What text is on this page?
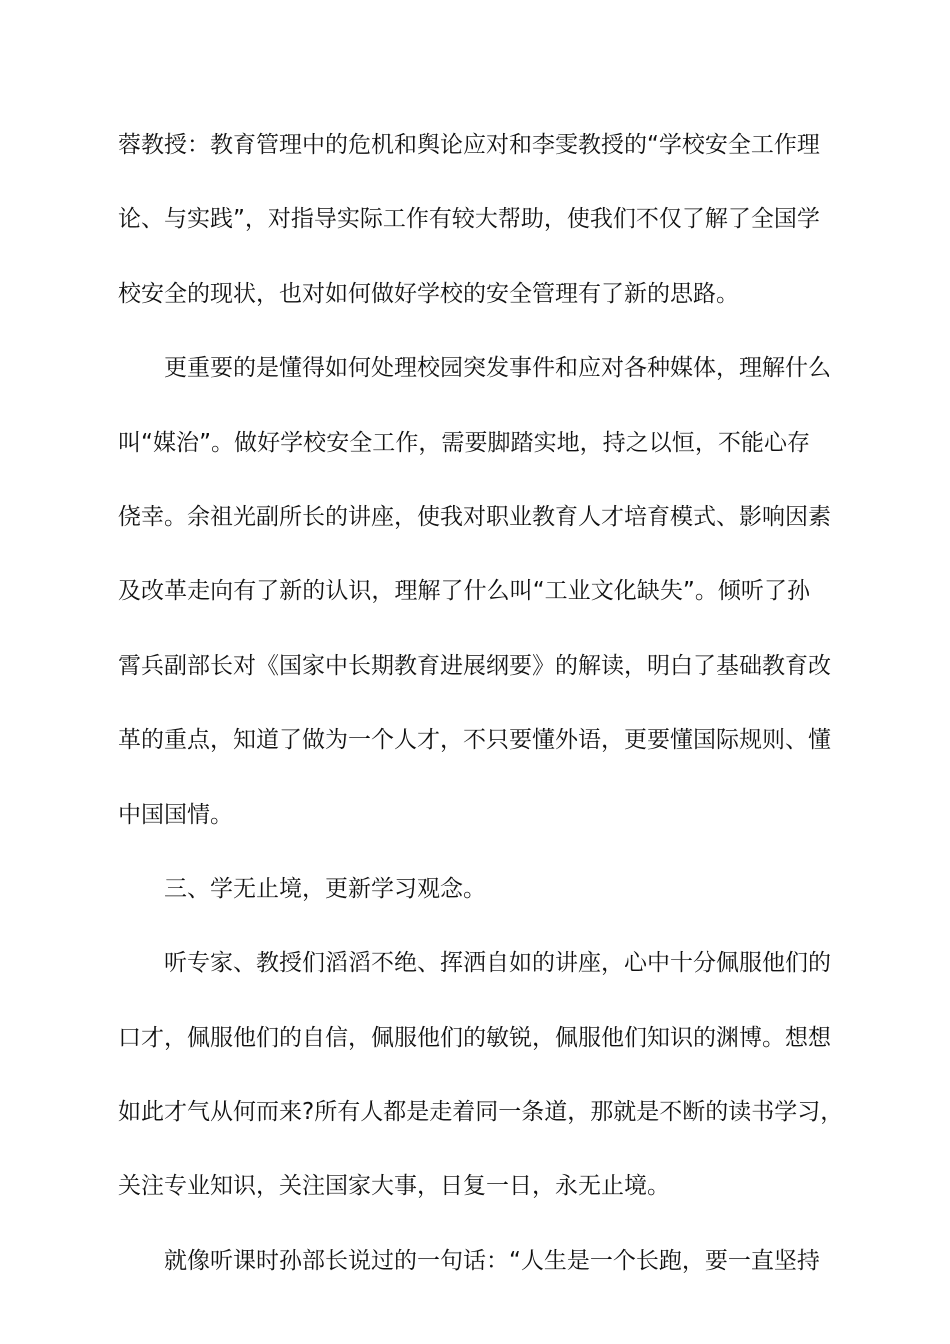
蓉教授：教育管理中的危机和舆论应对和李雯教授的“学校安全工作理
论、与实践”，对指导实际工作有较大帮助，使我们不仅了解了全国学
校安全的现状，也对如何做好学校的安全管理有了新的思路。
更重要的是懂得如何处理校园突发事件和应对各种媒体，理解什么
叫“媒治”。做好学校安全工作，需要脚踏实地，持之以恒，不能心存
侥幸。余祖光副所长的讲座，使我对职业教育人才培育模式、影响因素
及改革走向有了新的认识，理解了什么叫“工业文化缺失”。倾听了孙
霄兵副部长对《国家中长期教育进展纲要》的解读，明白了基础教育改
革的重点，知道了做为一个人才，不只要懂外语，更要懂国际规则、懂
中国国情。
三、学无止境，更新学习观念。
听专家、教授们滔滔不绝、挥洒自如的讲座，心中十分佩服他们的
口才，佩服他们的自信，佩服他们的敏锐，佩服他们知识的渊博。想想
如此才气从何而来?所有人都是走着同一条道，那就是不断的读书学习，
关注专业知识，关注国家大事，日复一日，永无止境。
就像听课时孙部长说过的一句话：“人生是一个长跑，要一直坚持
